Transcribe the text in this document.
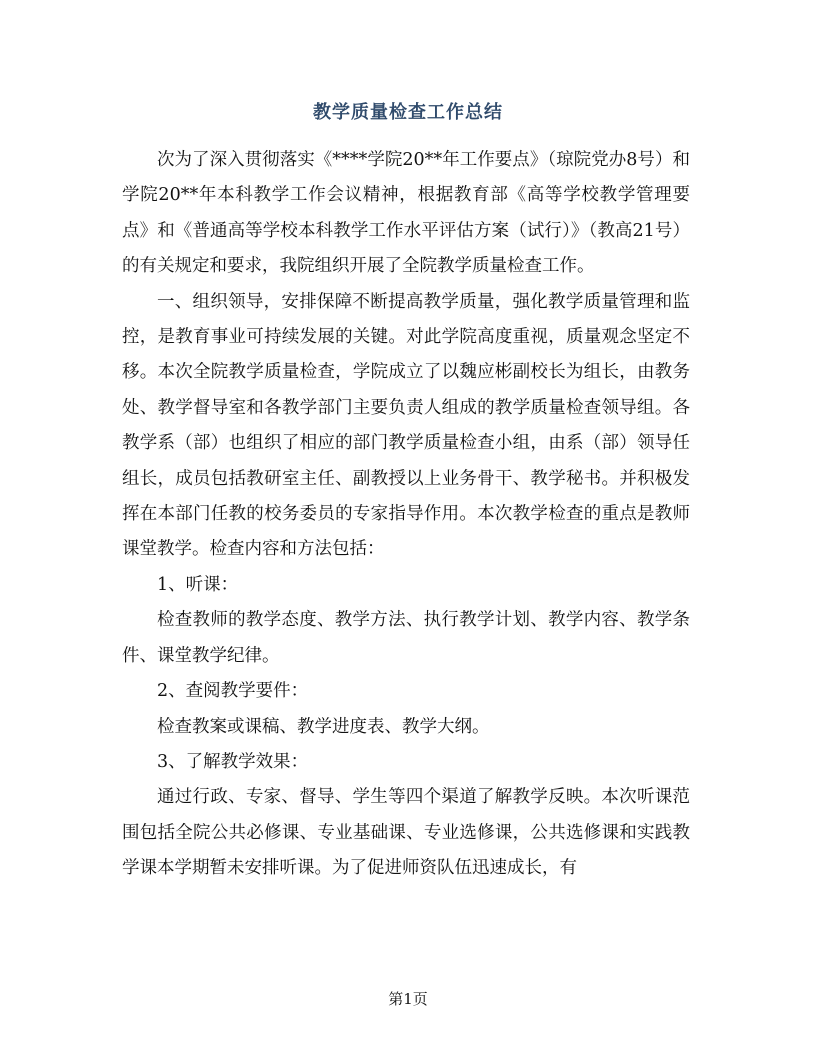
教学质量检查工作总结

次为了深入贯彻落实《****学院20**年工作要点》（琼院党办8号）和学院20**年本科教学工作会议精神，根据教育部《高等学校教学管理要点》和《普通高等学校本科教学工作水平评估方案（试行）》（教高21号）的有关规定和要求，我院组织开展了全院教学质量检查工作。

一、组织领导，安排保障不断提高教学质量，强化教学质量管理和监控，是教育事业可持续发展的关键。对此学院高度重视，质量观念坚定不移。本次全院教学质量检查，学院成立了以魏应彬副校长为组长，由教务处、教学督导室和各教学部门主要负责人组成的教学质量检查领导组。各教学系（部）也组织了相应的部门教学质量检查小组，由系（部）领导任组长，成员包括教研室主任、副教授以上业务骨干、教学秘书。并积极发挥在本部门任教的校务委员的专家指导作用。本次教学检查的重点是教师课堂教学。检查内容和方法包括：

1、听课：

检查教师的教学态度、教学方法、执行教学计划、教学内容、教学条件、课堂教学纪律。

2、查阅教学要件：

检查教案或课稿、教学进度表、教学大纲。

3、了解教学效果：

通过行政、专家、督导、学生等四个渠道了解教学反映。本次听课范围包括全院公共必修课、专业基础课、专业选修课，公共选修课和实践教学课本学期暂未安排听课。为了促进师资队伍迅速成长，有

第1页
